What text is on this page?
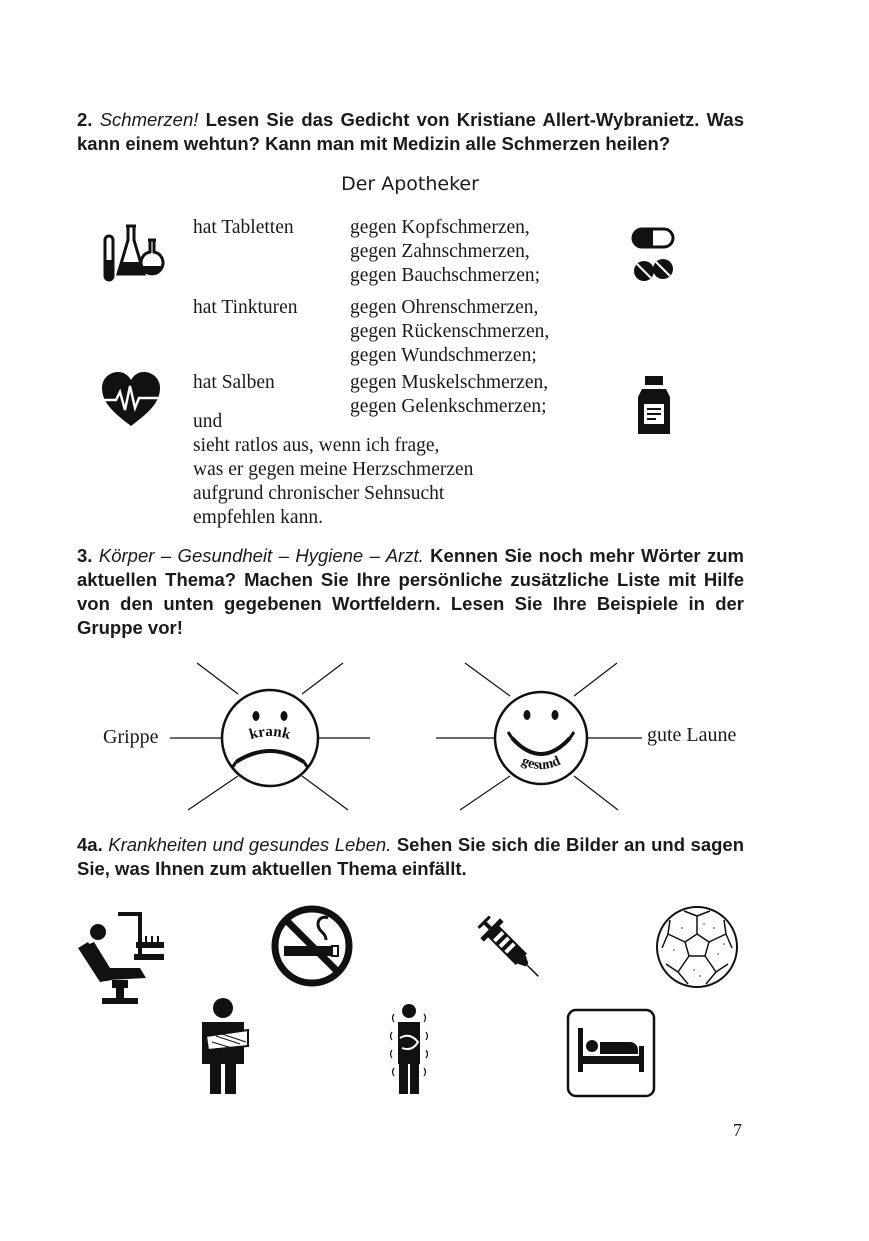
2. Schmerzen! Lesen Sie das Gedicht von Kristiane Allert-Wybranietz. Was kann einem wehtun? Kann man mit Medizin alle Schmerzen heilen?
Der Apotheker
hat Tabletten	gegen Kopfschmerzen,
gegen Zahnschmerzen,
gegen Bauchschmerzen;
hat Tinkturen	gegen Ohrenschmerzen,
gegen Rückenschmerzen,
gegen Wundschmerzen;
hat Salben	gegen Muskelschmerzen,
gegen Gelenkschmerzen;
und
sieht ratlos aus, wenn ich frage,
was er gegen meine Herzschmerzen
aufgrund chronischer Sehnsucht
empfehlen kann.
3. Körper – Gesundheit – Hygiene – Arzt. Kennen Sie noch mehr Wörter zum aktuellen Thema? Machen Sie Ihre persönliche zusätzliche Liste mit Hilfe von den unten gegebenen Wortfeldern. Lesen Sie Ihre Beispiele in der Gruppe vor!
krank
Grippe
gesund
gute Laune
4a. Krankheiten und gesundes Leben. Sehen Sie sich die Bilder an und sagen Sie, was Ihnen zum aktuellen Thema einfällt.
7
